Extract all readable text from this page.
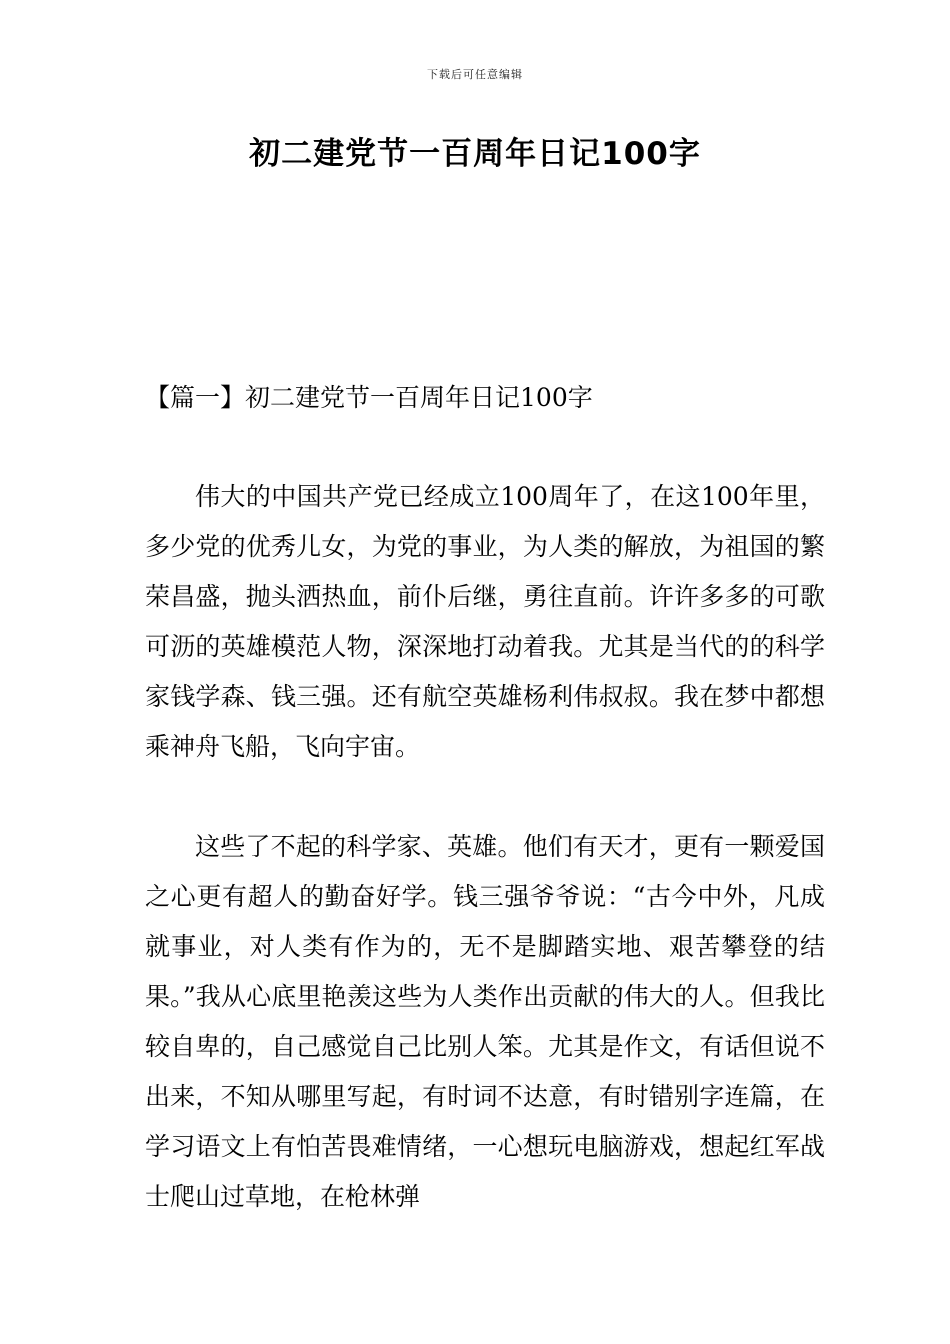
下载后可任意编辑
初二建党节一百周年日记100字
【篇一】初二建党节一百周年日记100字

伟大的中国共产党已经成立100周年了，在这100年里，多少党的优秀儿女，为党的事业，为人类的解放，为祖国的繁荣昌盛，抛头洒热血，前仆后继，勇往直前。许许多多的可歌可沥的英雄模范人物，深深地打动着我。尤其是当代的的科学家钱学森、钱三强。还有航空英雄杨利伟叔叔。我在梦中都想乘神舟飞船，飞向宇宙。

这些了不起的科学家、英雄。他们有天才，更有一颗爱国之心更有超人的勤奋好学。钱三强爷爷说：“古今中外，凡成就事业，对人类有作为的，无不是脚踏实地、艰苦攀登的结果。”我从心底里艳羡这些为人类作出贡献的伟大的人。但我比较自卑的，自己感觉自己比别人笨。尤其是作文，有话但说不出来，不知从哪里写起，有时词不达意，有时错别字连篇，在学习语文上有怕苦畏难情绪，一心想玩电脑游戏，想起红军战士爬山过草地，在枪林弹
